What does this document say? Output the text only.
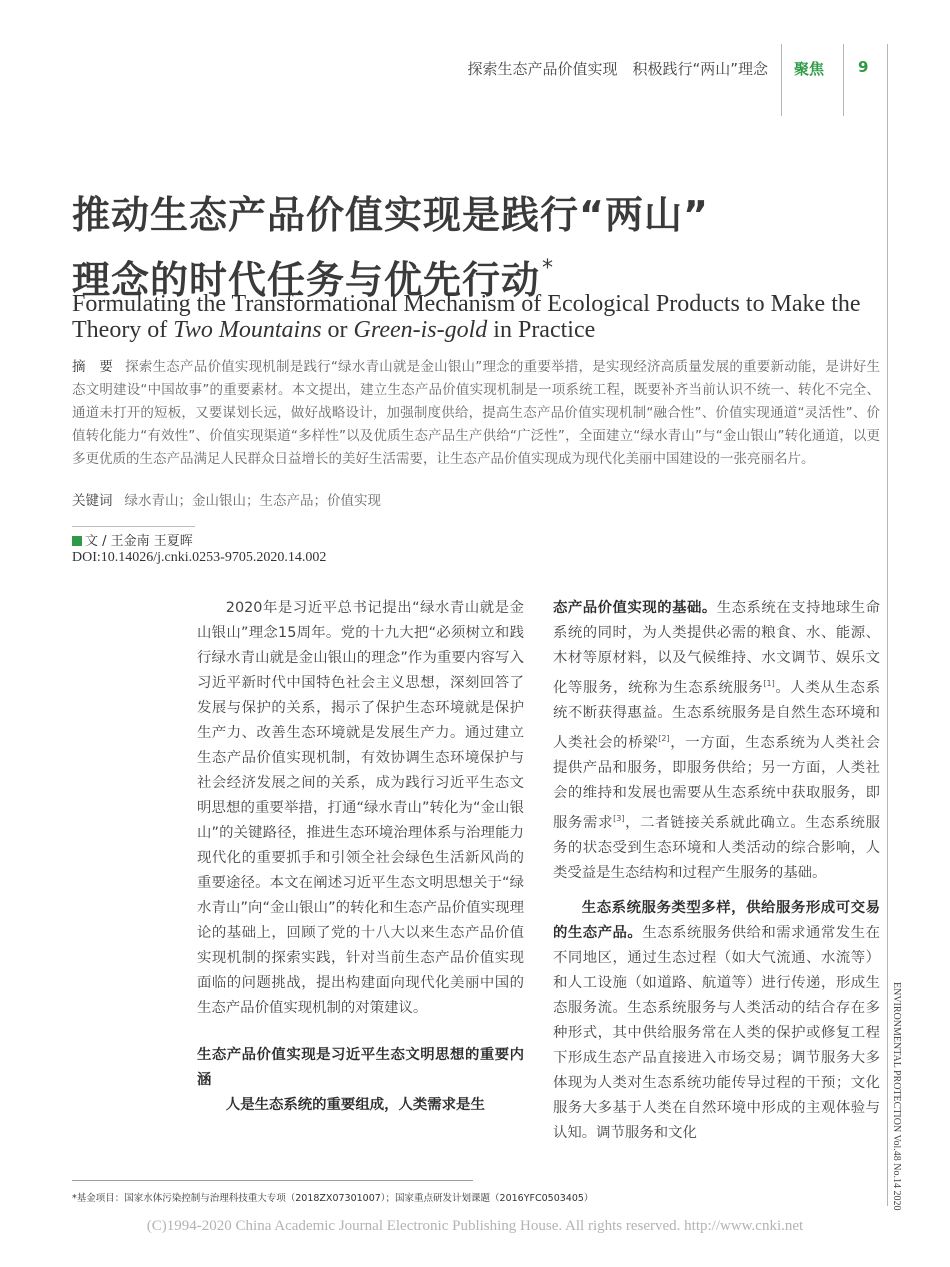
探索生态产品价值实现　积极践行“两山”理念 聚焦 9
推动生态产品价值实现是践行“两山”
理念的时代任务与优先行动*
Formulating the Transformational Mechanism of Ecological Products to Make the
Theory of Two Mountains or Green-is-gold in Practice
摘　要 探索生态产品价值实现机制是践行“绿水青山就是金山银山”理念的重要举措，是实现经济高质量发展的重要新动能，是讲好生态文明建设“中国故事”的重要素材。本文提出，建立生态产品价值实现机制是一项系统工程，既要补齐当前认识不统一、转化不完全、通道未打开的短板，又要谋划长远，做好战略设计，加强制度供给，提高生态产品价值实现机制“融合性”、价值实现通道“灵活性”、价值转化能力“有效性”、价值实现渠道“多样性”以及优质生态产品生产供给“广泛性”，全面建立“绿水青山”与“金山银山”转化通道，以更多更优质的生态产品满足人民群众日益增长的美好生活需要，让生态产品价值实现成为现代化美丽中国建设的一张亮丽名片。
关键词 绿水青山；金山银山；生态产品；价值实现
文 / 王金南 王夏晖
DOI:10.14026/j.cnki.0253-9705.2020.14.002

2020年是习近平总书记提出“绿水青山就是金山银山”理念15周年。党的十九大把“必须树立和践行绿水青山就是金山银山的理念”作为重要内容写入习近平新时代中国特色社会主义思想，深刻回答了发展与保护的关系，揭示了保护生态环境就是保护生产力、改善生态环境就是发展生产力。通过建立生态产品价值实现机制，有效协调生态环境保护与社会经济发展之间的关系，成为践行习近平生态文明思想的重要举措，打通“绿水青山”转化为“金山银山”的关键路径，推进生态环境治理体系与治理能力现代化的重要抓手和引领全社会绿色生活新风尚的重要途径。本文在阐述习近平生态文明思想关于“绿水青山”向“金山银山”的转化和生态产品价值实现理论的基础上，回顾了党的十八大以来生态产品价值实现机制的探索实践，针对当前生态产品价值实现面临的问题挑战，提出构建面向现代化美丽中国的生态产品价值实现机制的对策建议。

生态产品价值实现是习近平生态文明思想的重要内涵

人是生态系统的重要组成，人类需求是生

态产品价值实现的基础。生态系统在支持地球生命系统的同时，为人类提供必需的粮食、水、能源、木材等原材料，以及气候维持、水文调节、娱乐文化等服务，统称为生态系统服务[1]。人类从生态系统不断获得惠益。生态系统服务是自然生态环境和人类社会的桥梁[2]，一方面，生态系统为人类社会提供产品和服务，即服务供给；另一方面，人类社会的维持和发展也需要从生态系统中获取服务，即服务需求[3]，二者链接关系就此确立。生态系统服务的状态受到生态环境和人类活动的综合影响，人类受益是生态结构和过程产生服务的基础。

生态系统服务类型多样，供给服务形成可交易的生态产品。生态系统服务供给和需求通常发生在不同地区，通过生态过程（如大气流通、水流等）和人工设施（如道路、航道等）进行传递，形成生态服务流。生态系统服务与人类活动的结合存在多种形式，其中供给服务常在人类的保护或修复工程下形成生态产品直接进入市场交易；调节服务大多体现为人类对生态系统功能传导过程的干预；文化服务大多基于人类在自然环境中形成的主观体验与认知。调节服务和文化	ENVIRONMENTAL PROTECTION Vol.48 No.14 2020
*基金项目：国家水体污染控制与治理科技重大专项（2018ZX07301007）；国家重点研发计划课题（2016YFC0503405）
(C)1994-2020 China Academic Journal Electronic Publishing House. All rights reserved. http://www.cnki.net
